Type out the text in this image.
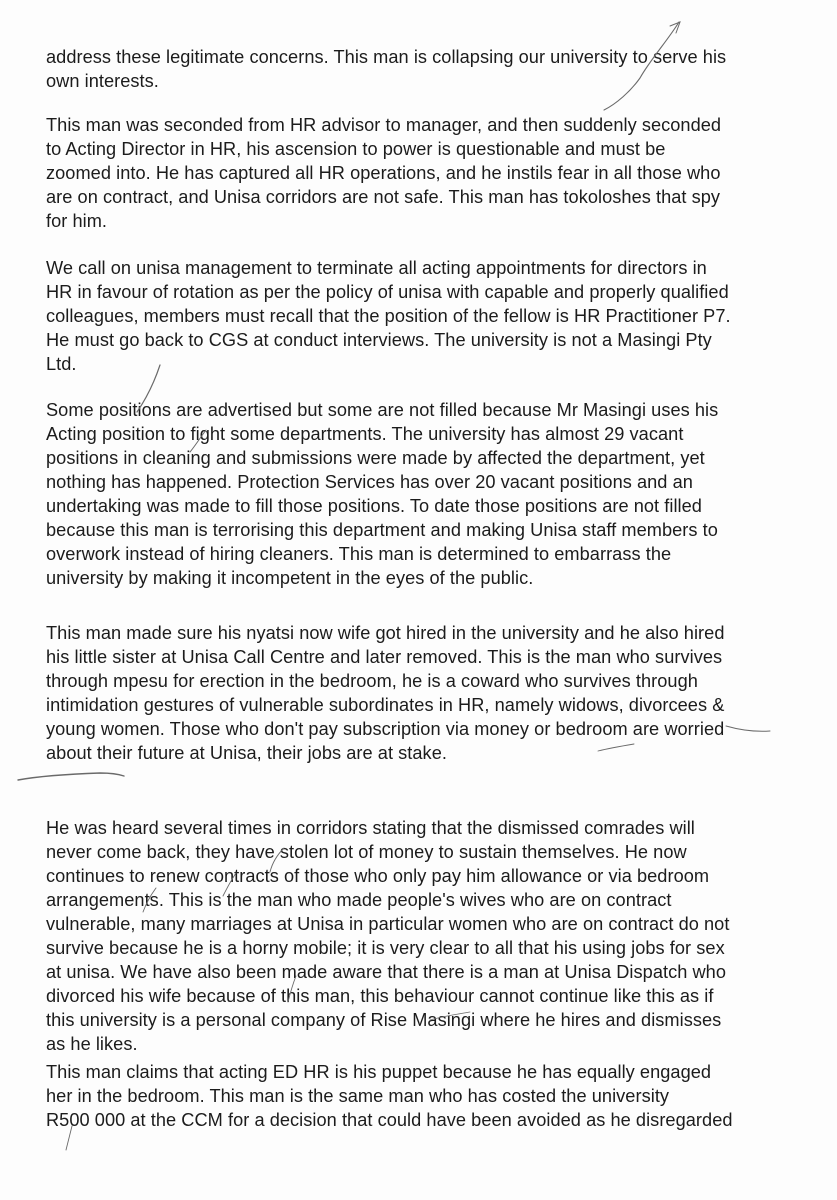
address these legitimate concerns. This man is collapsing our university to serve his
own interests.
This man was seconded from HR advisor to manager, and then suddenly seconded
to Acting Director in HR, his ascension to power is questionable and must be
zoomed into. He has captured all HR operations, and he instils fear in all those who
are on contract, and Unisa corridors are not safe. This man has tokoloshes that spy
for him.
We call on unisa management to terminate all acting appointments for directors in
HR in favour of rotation as per the policy of unisa with capable and properly qualified
colleagues, members must recall that the position of the fellow is HR Practitioner P7.
He must go back to CGS at conduct interviews. The university is not a Masingi Pty
Ltd.
Some positions are advertised but some are not filled because Mr Masingi uses his
Acting position to fight some departments. The university has almost 29 vacant
positions in cleaning and submissions were made by affected the department, yet
nothing has happened. Protection Services has over 20 vacant positions and an
undertaking was made to fill those positions. To date those positions are not filled
because this man is terrorising this department and making Unisa staff members to
overwork instead of hiring cleaners. This man is determined to embarrass the
university by making it incompetent in the eyes of the public.
This man made sure his nyatsi now wife got hired in the university and he also hired
his little sister at Unisa Call Centre and later removed. This is the man who survives
through mpesu for erection in the bedroom, he is a coward who survives through
intimidation gestures of vulnerable subordinates in HR, namely widows, divorcees &
young women. Those who don't pay subscription via money or bedroom are worried
about their future at Unisa, their jobs are at stake.
He was heard several times in corridors stating that the dismissed comrades will
never come back, they have stolen lot of money to sustain themselves. He now
continues to renew contracts of those who only pay him allowance or via bedroom
arrangements. This is the man who made people's wives who are on contract
vulnerable, many marriages at Unisa in particular women who are on contract do not
survive because he is a horny mobile; it is very clear to all that his using jobs for sex
at unisa. We have also been made aware that there is a man at Unisa Dispatch who
divorced his wife because of this man, this behaviour cannot continue like this as if
this university is a personal company of Rise Masingi where he hires and dismisses
as he likes.
This man claims that acting ED HR is his puppet because he has equally engaged
her in the bedroom. This man is the same man who has costed the university
R500 000 at the CCM for a decision that could have been avoided as he disregarded
